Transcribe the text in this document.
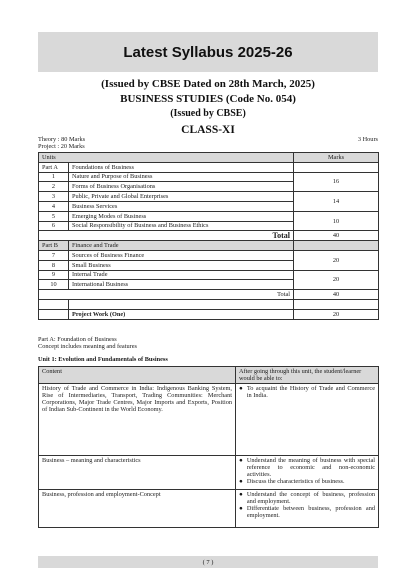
Latest Syllabus 2025-26
(Issued by CBSE Dated on 28th March, 2025)
BUSINESS STUDIES (Code No. 054)
(Issued by CBSE)
CLASS-XI
Theory : 80 Marks
Project : 20 Marks
3 Hours
Units		Marks
Part A	Foundations of Business	
1	Nature and Purpose of Business	16
2	Forms of Business Organisations	
3	Public, Private and Global Enterprises	14
4	Business Services	
5	Emerging Modes of Business	10
6	Social Responsibility of Business and Business Ethics	
Total		40
Part B	Finance and Trade	
7	Sources of Business Finance	20
8	Small Business	
9	Internal Trade	20
10	International Business	
Total		40

	Project Work (One)	20
Part A: Foundation of Business
Concept includes meaning and features
Unit 1: Evolution and Fundamentals of Business
Content	After going through this unit, the student/learner would be able to:
History of Trade and Commerce in India: Indigenous Banking System, Rise of Intermediaries, Transport, Trading Communities: Merchant Corporations, Major Trade Centres, Major Imports and Exports, Position of Indian Sub-Continent in the World Economy.	● To acquaint the History of Trade and Commerce in India.

Business – meaning and characteristics	● Understand the meaning of business with special reference to economic and non-economic activities.
● Discuss the characteristics of business.

Business, profession and employment-Concept	● Understand the concept of business, profession and employment.
● Differentiate between business, profession and employment.
( 7 )
